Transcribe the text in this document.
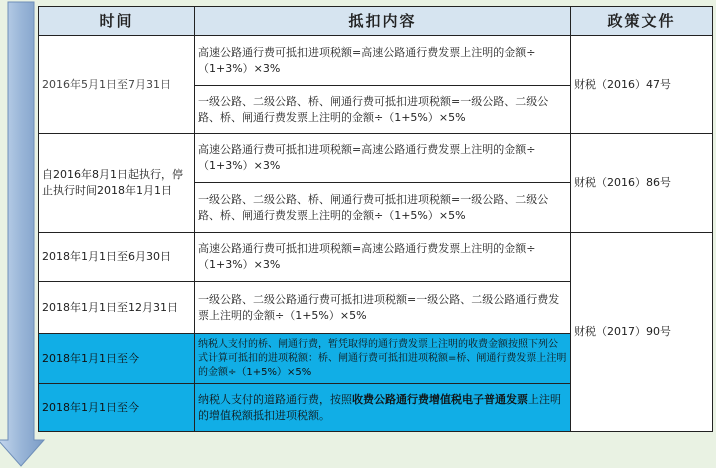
时间	抵扣内容	政策文件
2016年5月1日至7月31日	高速公路通行费可抵扣进项税额=高速公路通行费发票上注明的金额÷（1+3%）×3%	财税（2016）47号
	一级公路、二级公路、桥、闸通行费可抵扣进项税额=一级公路、二级公路、桥、闸通行费发票上注明的金额÷（1+5%）×5%	
自2016年8月1日起执行，停止执行时间2018年1月1日	高速公路通行费可抵扣进项税额=高速公路通行费发票上注明的金额÷（1+3%）×3%	财税（2016）86号
	一级公路、二级公路、桥、闸通行费可抵扣进项税额=一级公路、二级公路、桥、闸通行费发票上注明的金额÷（1+5%）×5%	
2018年1月1日至6月30日	高速公路通行费可抵扣进项税额=高速公路通行费发票上注明的金额÷（1+3%）×3%	财税（2017）90号
2018年1月1日至12月31日	一级公路、二级公路通行费可抵扣进项税额=一级公路、二级公路通行费发票上注明的金额÷（1+5%）×5%	
2018年1月1日至今	纳税人支付的桥、闸通行费，暂凭取得的通行费发票上注明的收费金额按照下列公式计算可抵扣的进项税额：桥、闸通行费可抵扣进项税额=桥、闸通行费发票上注明的金额÷（1+5%）×5%	
2018年1月1日至今	纳税人支付的道路通行费，按照收费公路通行费增值税电子普通发票上注明的增值税额抵扣进项税额。	
